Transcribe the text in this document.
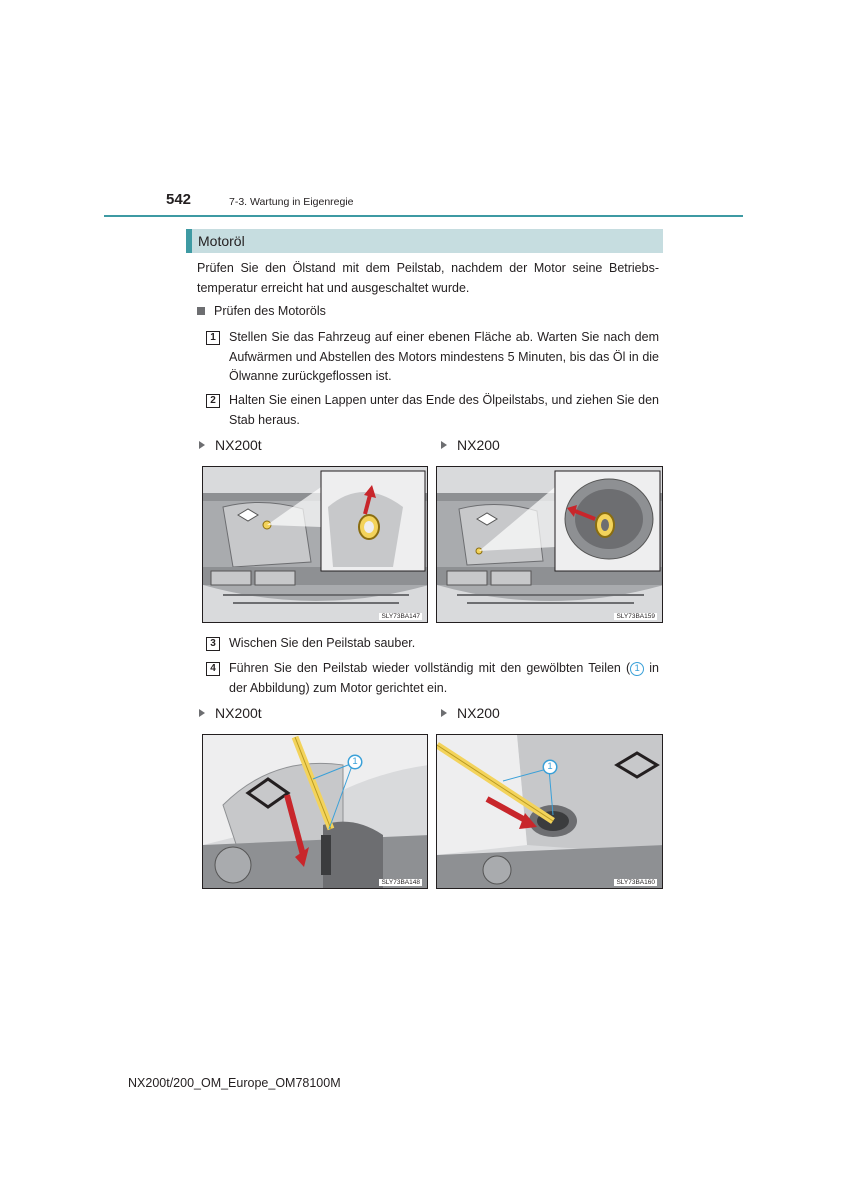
542	7-3. Wartung in Eigenregie
Motoröl

Prüfen Sie den Ölstand mit dem Peilstab, nachdem der Motor seine Betriebs-temperatur erreicht hat und ausgeschaltet wurde.

Prüfen des Motoröls
1	Stellen Sie das Fahrzeug auf einer ebenen Fläche ab. Warten Sie nach dem Aufwärmen und Abstellen des Motors mindestens 5 Minuten, bis das Öl in die Ölwanne zurückgeflossen ist.
2	Halten Sie einen Lappen unter das Ende des Ölpeilstabs, und ziehen Sie den Stab heraus.
NX200t	NX200
SLY73BA147	SLY73BA159
3	Wischen Sie den Peilstab sauber.
4	Führen Sie den Peilstab wieder vollständig mit den gewölbten Teilen ( 1 in der Abbildung) zum Motor gerichtet ein.
NX200t	NX200
1
SLY73BA148
1
SLY73BA160
NX200t/200_OM_Europe_OM78100M
